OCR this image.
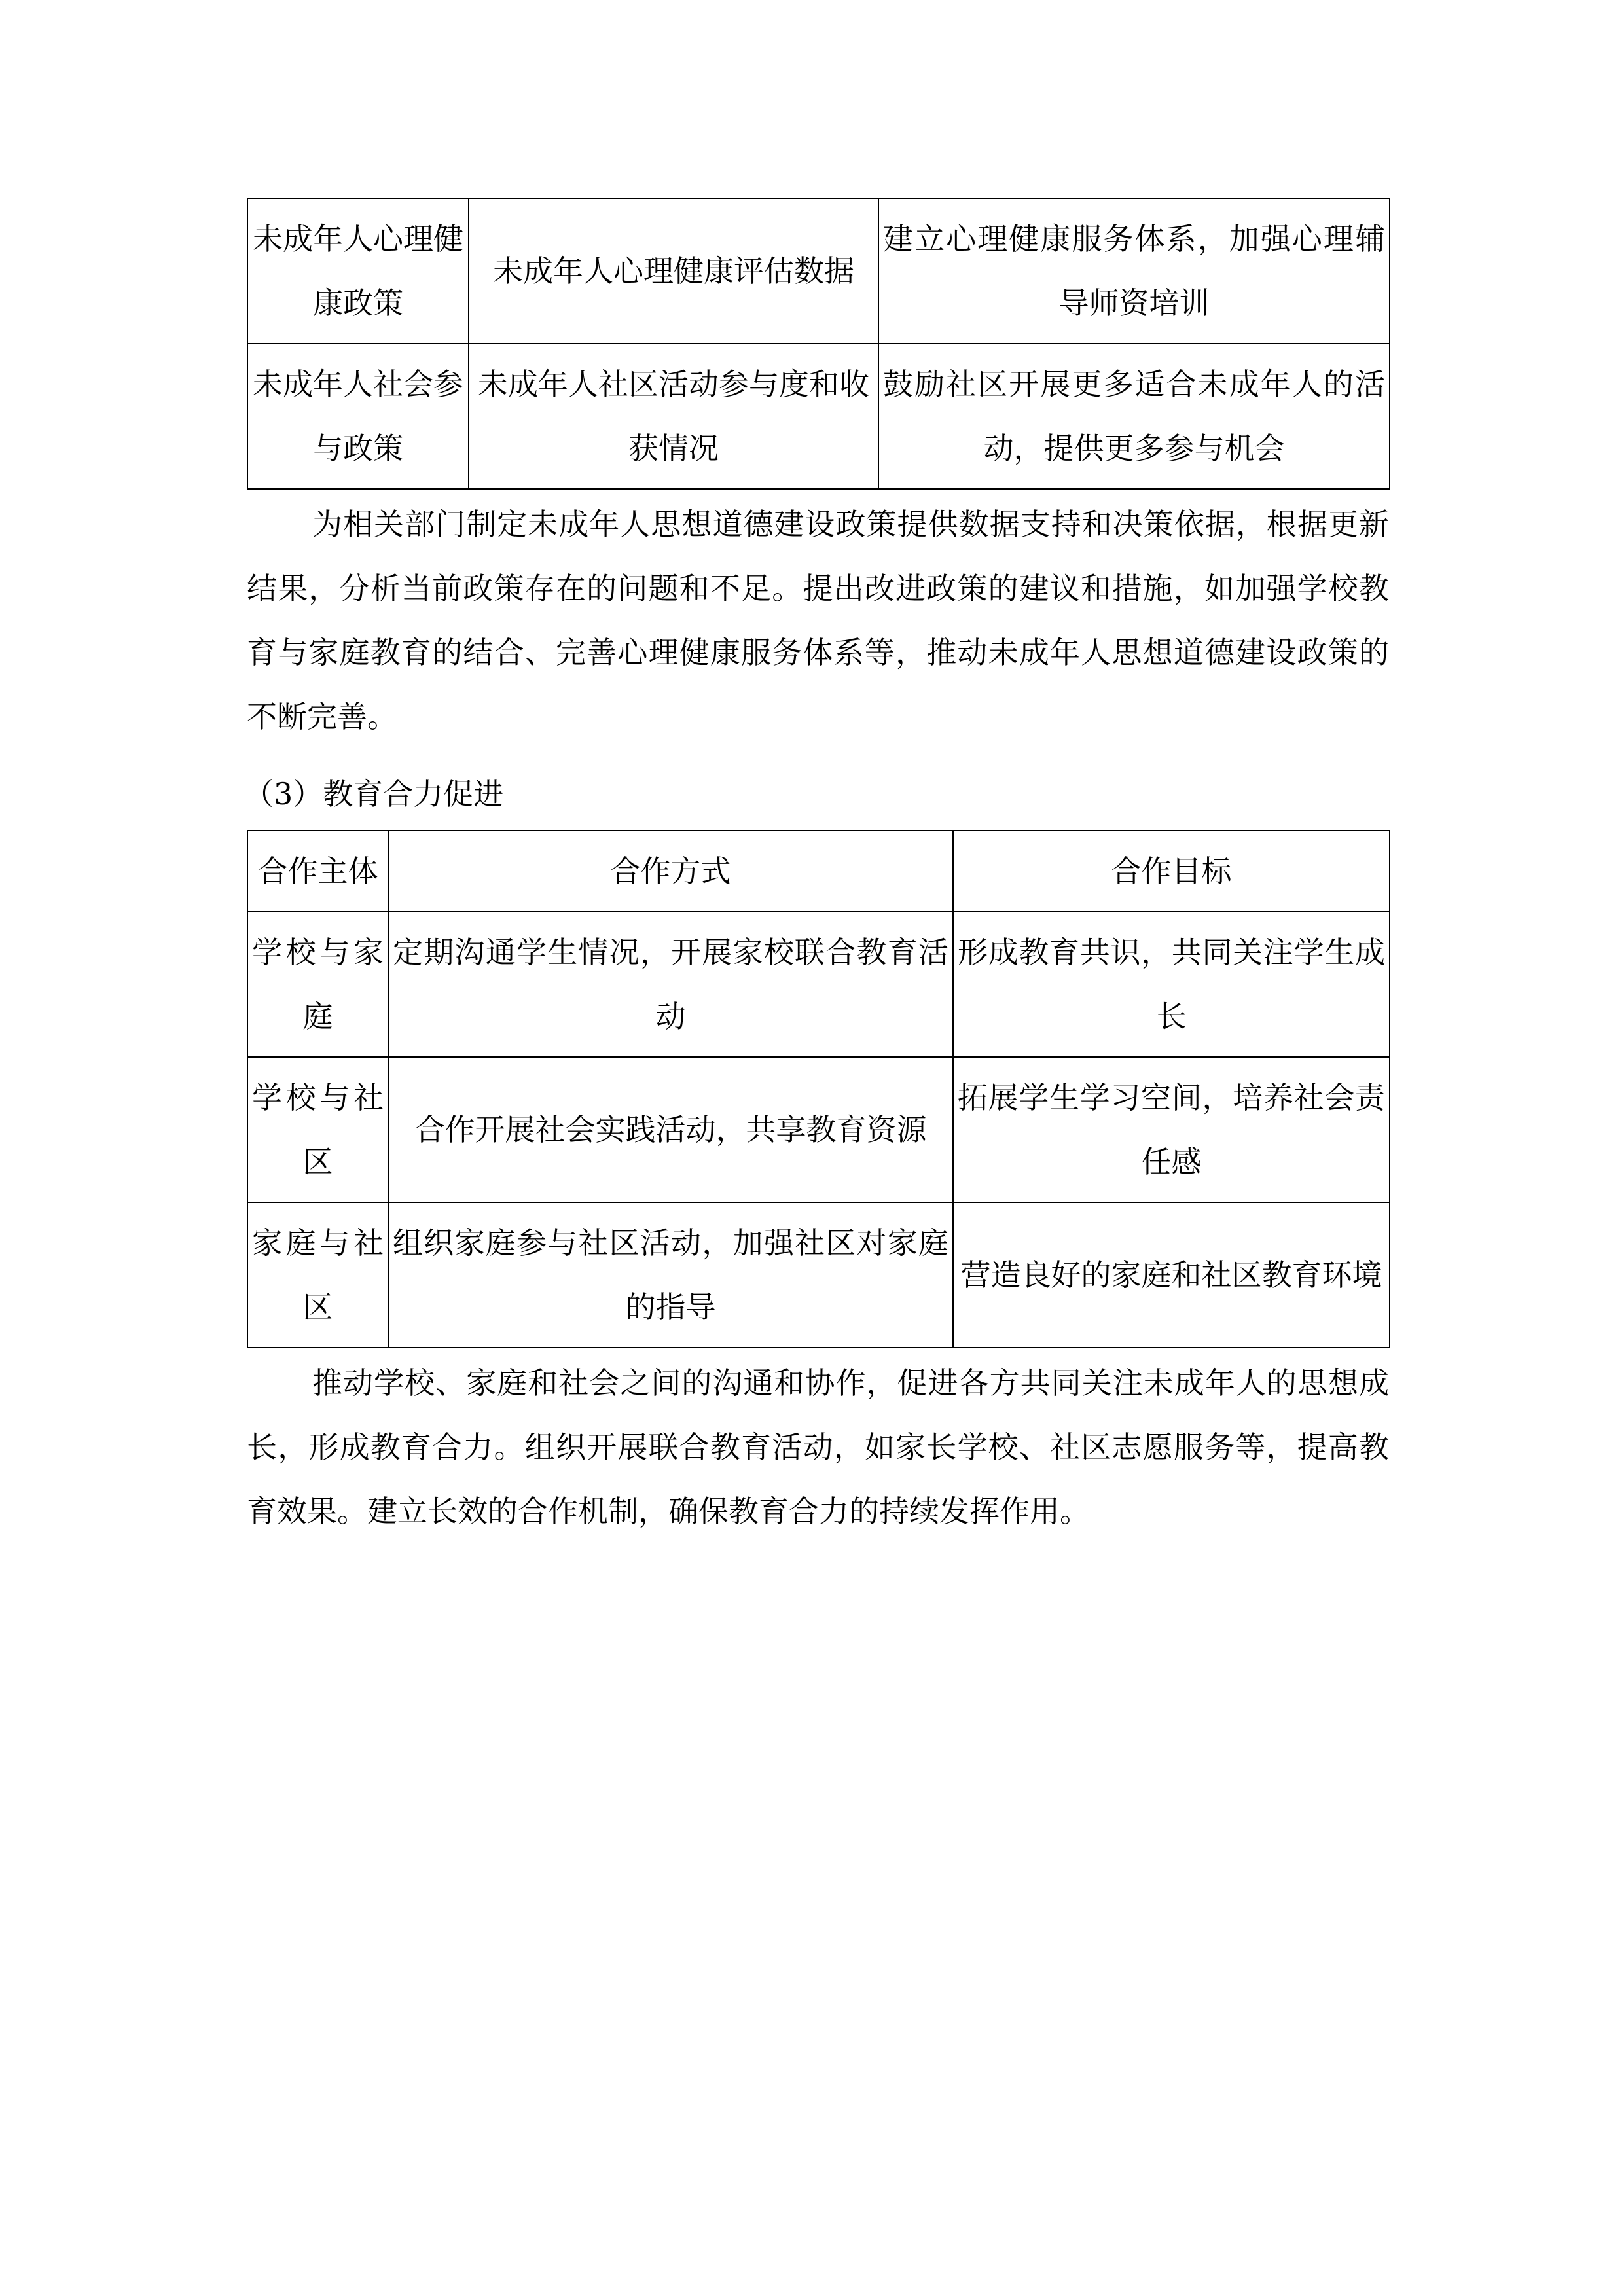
未成年人心理健康政策	未成年人心理健康评估数据	建立心理健康服务体系，加强心理辅导师资培训
未成年人社会参与政策	未成年人社区活动参与度和收获情况	鼓励社区开展更多适合未成年人的活动，提供更多参与机会

为相关部门制定未成年人思想道德建设政策提供数据支持和决策依据，根据更新结果，分析当前政策存在的问题和不足。提出改进政策的建议和措施，如加强学校教育与家庭教育的结合、完善心理健康服务体系等，推动未成年人思想道德建设政策的不断完善。

（3）教育合力促进

合作主体	合作方式	合作目标
学校与家庭	定期沟通学生情况，开展家校联合教育活动	形成教育共识，共同关注学生成长
学校与社区	合作开展社会实践活动，共享教育资源	拓展学生学习空间，培养社会责任感
家庭与社区	组织家庭参与社区活动，加强社区对家庭的指导	营造良好的家庭和社区教育环境

推动学校、家庭和社会之间的沟通和协作，促进各方共同关注未成年人的思想成长，形成教育合力。组织开展联合教育活动，如家长学校、社区志愿服务等，提高教育效果。建立长效的合作机制，确保教育合力的持续发挥作用。
